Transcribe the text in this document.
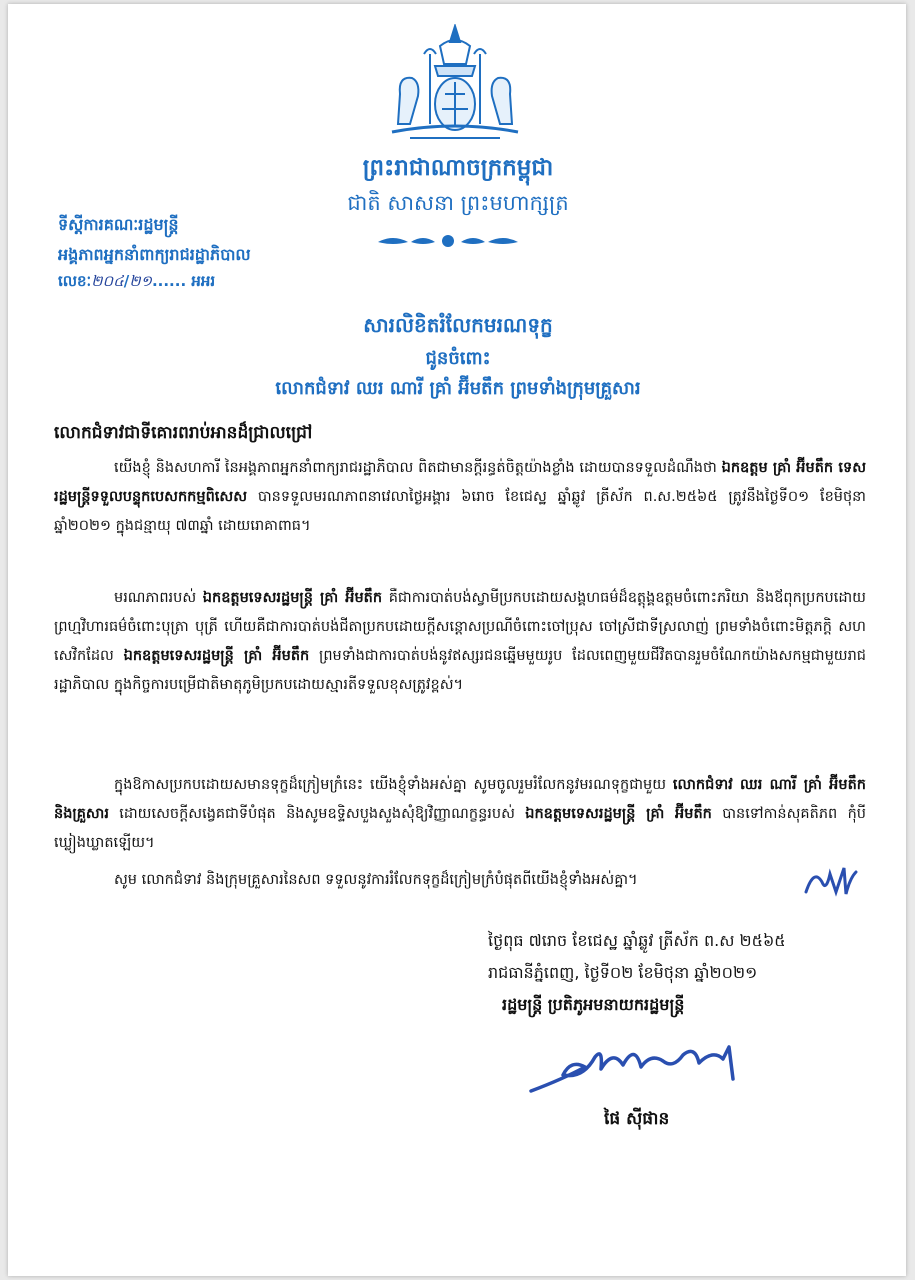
ព្រះរាជាណាចក្រកម្ពុជា
ជាតិ សាសនា ព្រះមហាក្សត្រ
ទីស្តីការគណៈរដ្ឋមន្ត្រី
អង្គភាពអ្នកនាំពាក្យរាជរដ្ឋាភិបាល
លេខៈ២០៤/២១...... អអរ
សារលិខិតរំលែកមរណទុក្ខ
ជូនចំពោះ
លោកជំទាវ ឈរ ណារី គ្រាំ អ៊ីមតឹក ព្រមទាំងក្រុមគ្រួសារ
លោកជំទាវជាទីគោរពរាប់អានដ៏ជ្រាលជ្រៅ
យើងខ្ញុំ និងសហការី នៃអង្គភាពអ្នកនាំពាក្យរាជរដ្ឋាភិបាល ពិតជាមានក្ដីរន្ធត់ចិត្តយ៉ាងខ្លាំង ដោយបានទទួលដំណឹងថា ឯកឧត្តម គ្រាំ អ៊ីមតឹក ទេសរដ្ឋមន្ត្រីទទួលបន្ទុកបេសកកម្មពិសេស បានទទួលមរណភាពនាវេលាថ្ងៃអង្គារ ៦រោច ខែជេស្ឋ ឆ្នាំឆ្លូវ ត្រីស័ក ព.ស.២៥៦៥ ត្រូវនឹងថ្ងៃទី០១ ខែមិថុនា ឆ្នាំ២០២១ ក្នុងជន្មាយុ ៧៣ឆ្នាំ ដោយរោគាពាធ។
មរណភាពរបស់ ឯកឧត្តមទេសរដ្ឋមន្ត្រី គ្រាំ អ៊ីមតឹក គឺជាការបាត់បង់ស្វាមីប្រកបដោយសង្គហធម៌ដ៏ឧត្តុង្គឧត្តមចំពោះភរិយា និងឪពុកប្រកបដោយព្រហ្មវិហារធម៌ចំពោះបុត្រា បុត្រី ហើយគឺជាការបាត់បង់ជីតាប្រកបដោយក្ដីសន្តោសប្រណីចំពោះចៅប្រុស ចៅស្រីជាទីស្រលាញ់ ព្រមទាំងចំពោះមិត្តភក្តិ សហសេវិកដែល ឯកឧត្តមទេសរដ្ឋមន្ត្រី គ្រាំ អ៊ីមតឹក ព្រមទាំងជាការបាត់បង់នូវឥស្សរជនឆ្នើមមួយរូប ដែលពេញមួយជីវិតបានរួមចំណែកយ៉ាងសកម្មជាមួយរាជរដ្ឋាភិបាល ក្នុងកិច្ចការបម្រើជាតិមាតុភូមិប្រកបដោយស្មារតីទទួលខុសត្រូវខ្ពស់។
ក្នុងឱកាសប្រកបដោយសមានទុក្ខដ៏ក្រៀមក្រំនេះ យើងខ្ញុំទាំងអស់គ្នា សូមចូលរួមរំលែកនូវមរណទុក្ខជាមួយ លោកជំទាវ ឈរ ណារី គ្រាំ អ៊ីមតឹក និងគ្រួសារ ដោយសេចក្ដីសង្វេគជាទីបំផុត និងសូមឧទ្ទិសបួងសួងសុំឱ្យវិញ្ញាណក្ខន្ធរបស់ ឯកឧត្តមទេសរដ្ឋមន្ត្រី គ្រាំ អ៊ីមតឹក បានទៅកាន់សុគតិភព កុំបីឃ្លៀងឃ្លាតឡើយ។
សូម លោកជំទាវ និងក្រុមគ្រួសារនៃសព ទទួលនូវការរំលែកទុក្ខដ៏ក្រៀមក្រំបំផុតពីយើងខ្ញុំទាំងអស់គ្នា។
ថ្ងៃពុធ ៧រោច ខែជេស្ឋ ឆ្នាំឆ្លូវ ត្រីស័ក ព.ស ២៥៦៥
រាជធានីភ្នំពេញ, ថ្ងៃទី០២ ខែមិថុនា ឆ្នាំ២០២១
រដ្ឋមន្ត្រី ប្រតិភូអមនាយករដ្ឋមន្ត្រី
ផៃ ស៊ីផាន
